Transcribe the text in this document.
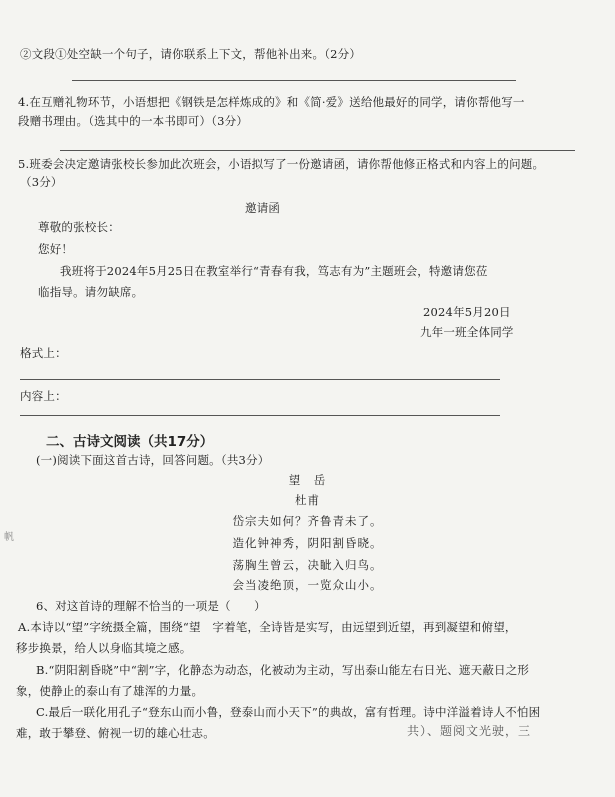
②文段①处空缺一个句子，请你联系上下文，帮他补出来。（2分）
4.在互赠礼物环节，小语想把《钢铁是怎样炼成的》和《简·爱》送给他最好的同学，请你帮他写一
段赠书理由。（选其中的一本书即可）（3分）
5.班委会决定邀请张校长参加此次班会，小语拟写了一份邀请函，请你帮他修正格式和内容上的问题。
（3分）
邀请函
尊敬的张校长：
您好！
我班将于2024年5月25日在教室举行“青春有我，笃志有为”主题班会，特邀请您莅
临指导。请勿缺席。
2024年5月20日
九年一班全体同学
格式上：
内容上：
二、古诗文阅读（共17分）
(一)阅读下面这首古诗，回答问题。（共3分）
望　岳
杜甫
岱宗夫如何？齐鲁青未了。
造化钟神秀，阴阳割昏晓。
荡胸生曾云，决眦入归鸟。
会当凌绝顶，一览众山小。
帆
6、对这首诗的理解不恰当的一项是（　　）
A.本诗以“望”字统摄全篇，围绕“望　字着笔，全诗皆是实写，由远望到近望，再到凝望和俯望，
移步换景，给人以身临其境之感。
B.“阴阳割昏晓”中“割”字，化静态为动态，化被动为主动，写出泰山能左右日光、遮天蔽日之形
象，使静止的泰山有了雄浑的力量。
C.最后一联化用孔子“登东山而小鲁，登泰山而小天下”的典故，富有哲理。诗中洋溢着诗人不怕困
难，敢于攀登、俯视一切的雄心壮志。	共）、题阅文光驶，三
